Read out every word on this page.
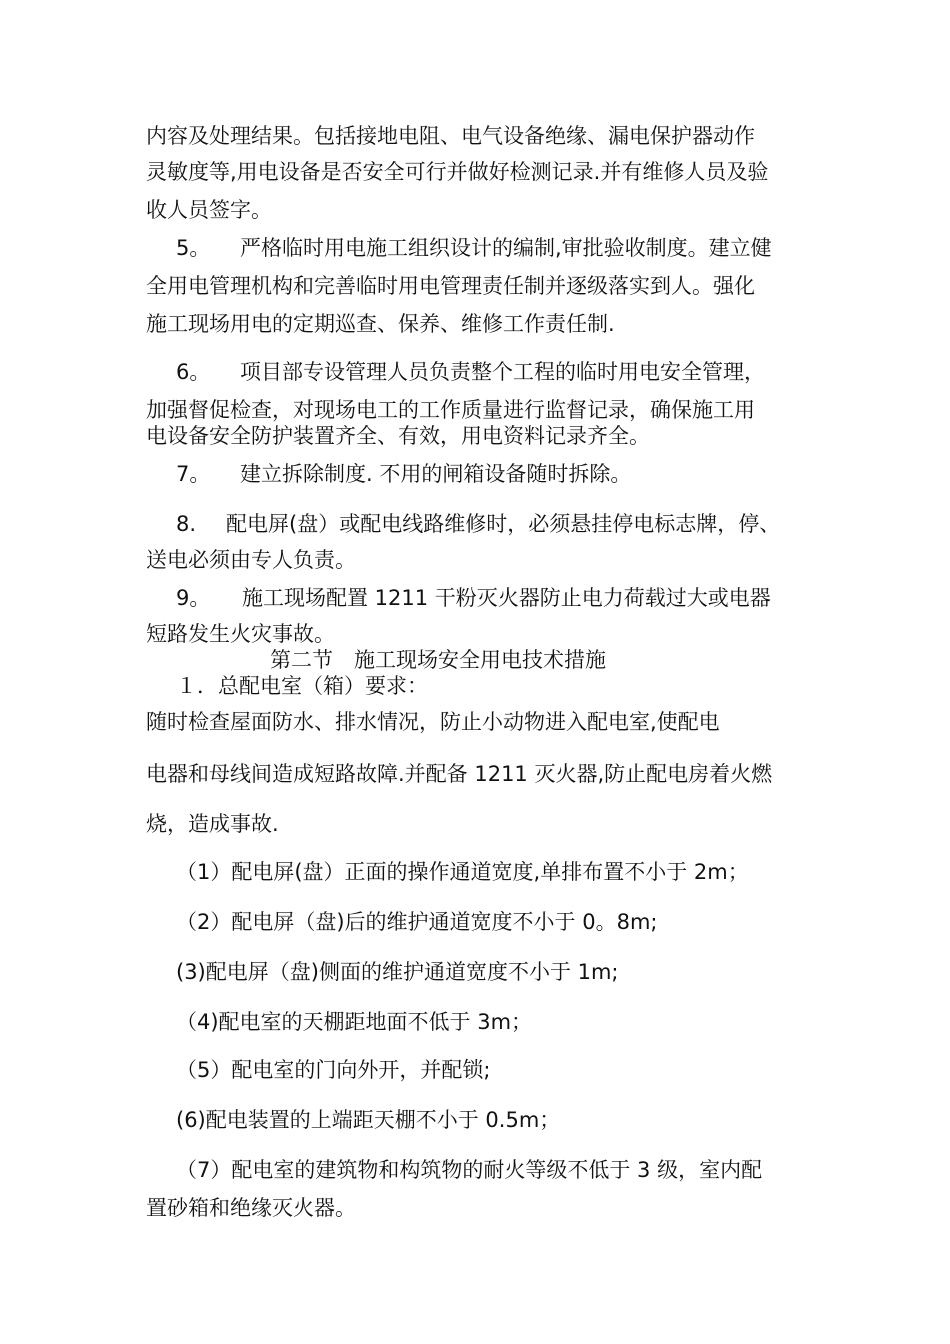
内容及处理结果。包括接地电阻、电气设备绝缘、漏电保护器动作
灵敏度等,用电设备是否安全可行并做好检测记录.并有维修人员及验
收人员签字。
5。 严格临时用电施工组织设计的编制,审批验收制度。建立健
全用电管理机构和完善临时用电管理责任制并逐级落实到人。强化
施工现场用电的定期巡查、保养、维修工作责任制.
6。 项目部专设管理人员负责整个工程的临时用电安全管理，
加强督促检查，对现场电工的工作质量进行监督记录，确保施工用
电设备安全防护装置齐全、有效，用电资料记录齐全。
7。 建立拆除制度. 不用的闸箱设备随时拆除。
8. 配电屏(盘）或配电线路维修时，必须悬挂停电标志牌，停、
送电必须由专人负责。
9。 施工现场配置 1211 干粉灭火器防止电力荷载过大或电器
短路发生火灾事故。
第二节　施工现场安全用电技术措施
１．总配电室（箱）要求：
随时检查屋面防水、排水情况，防止小动物进入配电室,使配电
电器和母线间造成短路故障.并配备 1211 灭火器,防止配电房着火燃
烧，造成事故.
（1）配电屏(盘）正面的操作通道宽度,单排布置不小于 2m；
（2）配电屏（盘)后的维护通道宽度不小于 0。8m;
(3)配电屏（盘)侧面的维护通道宽度不小于 1m;
（4)配电室的天棚距地面不低于 3m；
（5）配电室的门向外开，并配锁;
(6)配电装置的上端距天棚不小于 0.5m；
（7）配电室的建筑物和构筑物的耐火等级不低于 3 级，室内配
置砂箱和绝缘灭火器。
